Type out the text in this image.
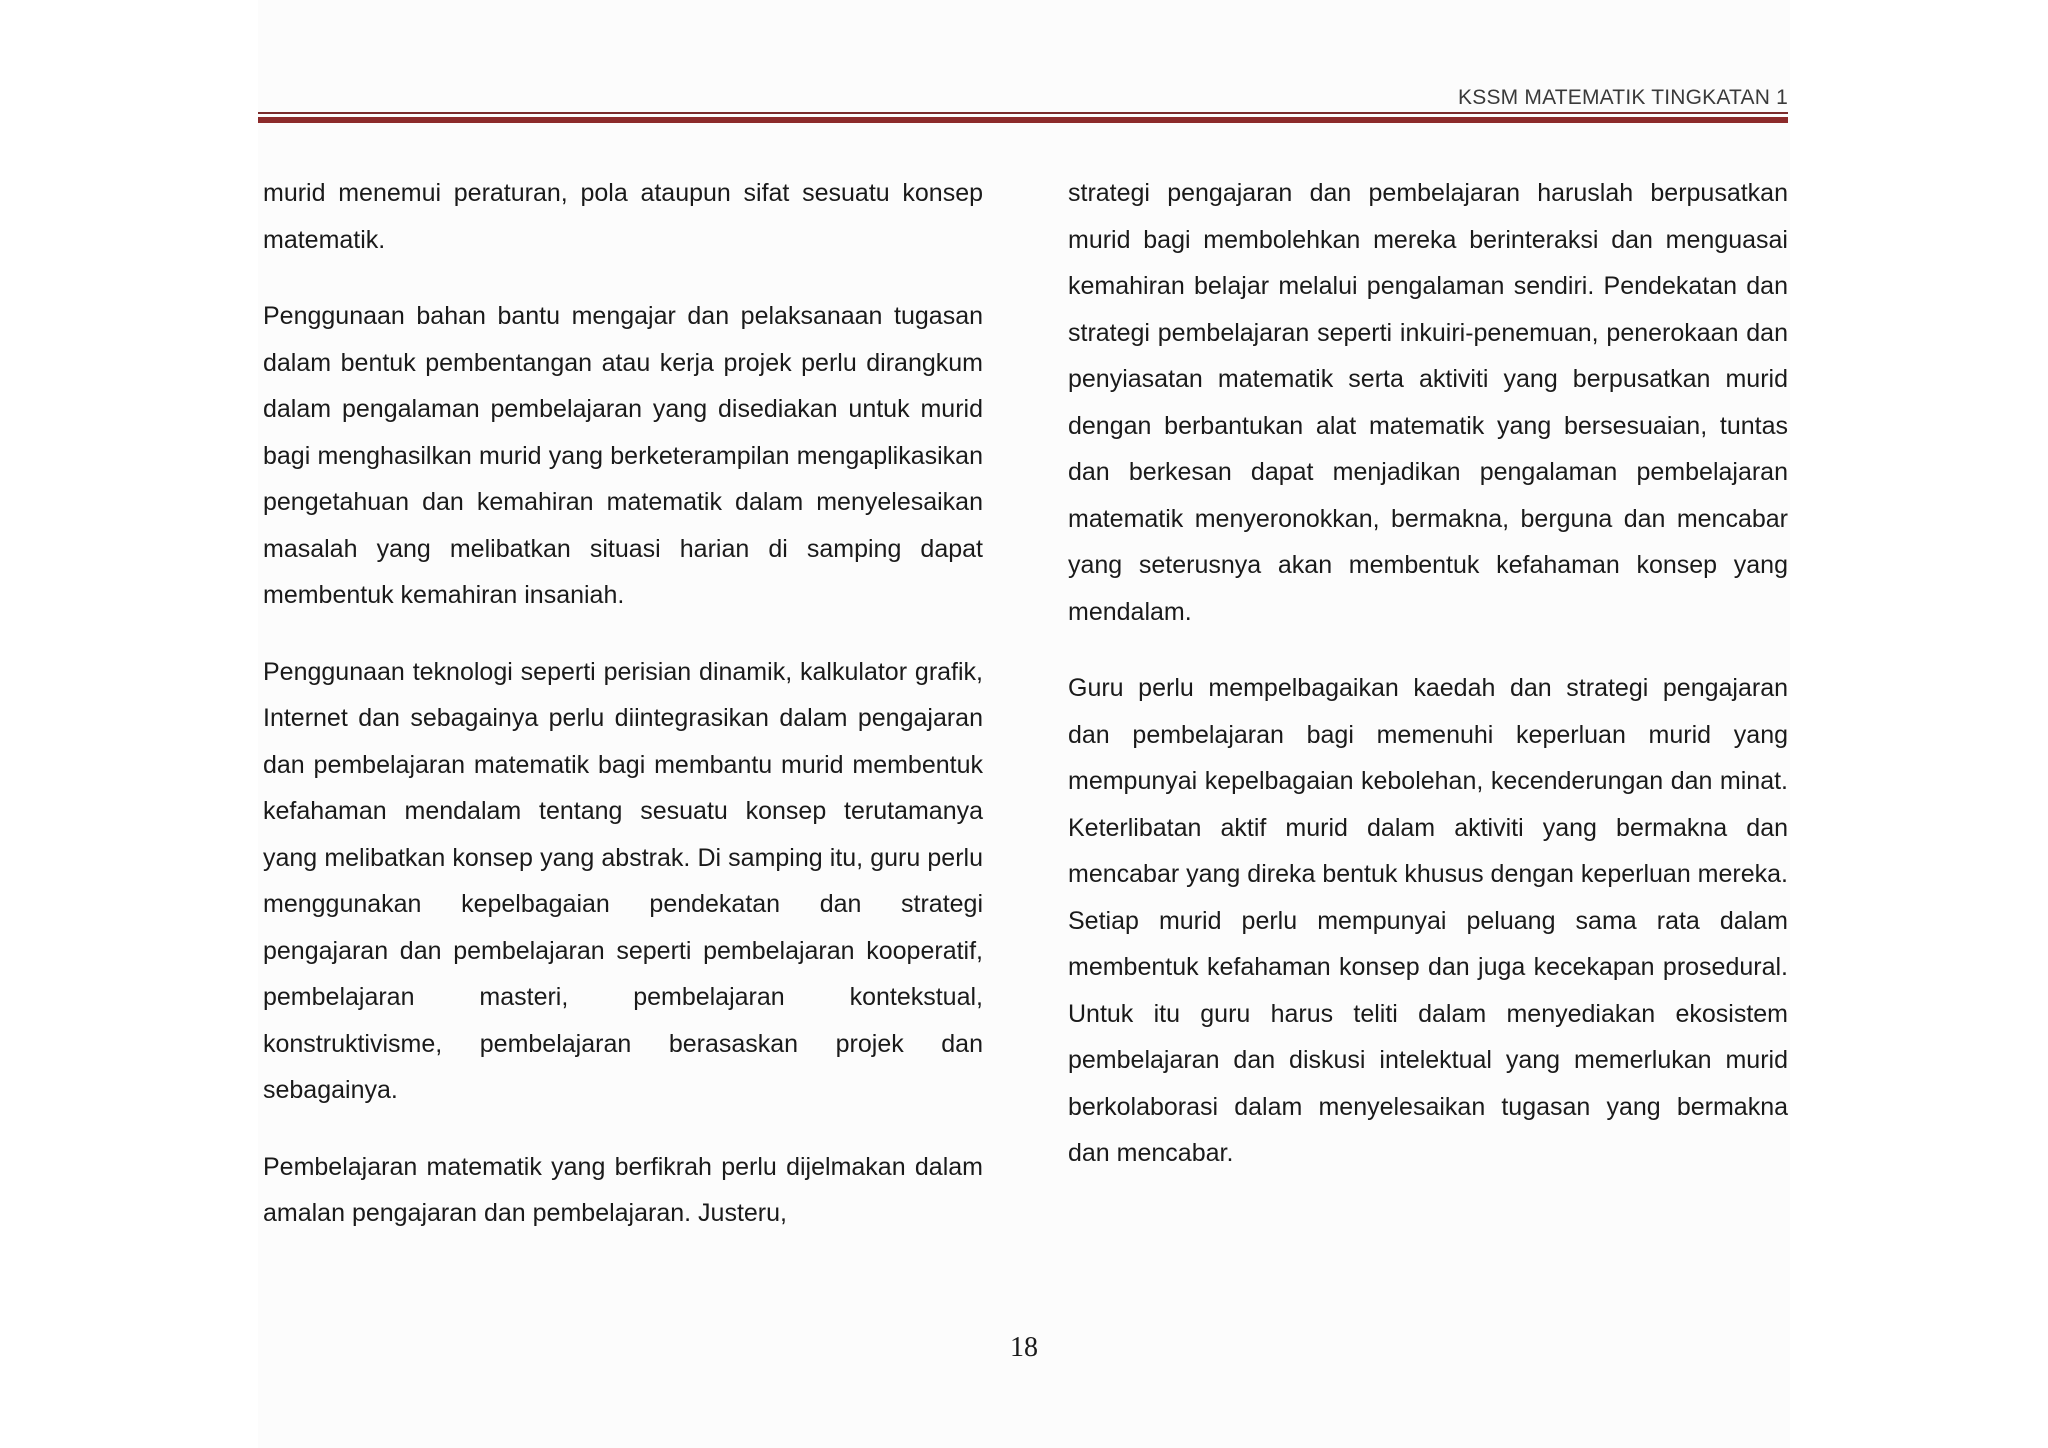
KSSM MATEMATIK TINGKATAN 1

murid menemui peraturan, pola ataupun sifat sesuatu konsep matematik.

Penggunaan bahan bantu mengajar dan pelaksanaan tugasan dalam bentuk pembentangan atau kerja projek perlu dirangkum dalam pengalaman pembelajaran yang disediakan untuk murid bagi menghasilkan murid yang berketerampilan mengaplikasikan pengetahuan dan kemahiran matematik dalam menyelesaikan masalah yang melibatkan situasi harian di samping dapat membentuk kemahiran insaniah.

Penggunaan teknologi seperti perisian dinamik, kalkulator grafik, Internet dan sebagainya perlu diintegrasikan dalam pengajaran dan pembelajaran matematik bagi membantu murid membentuk kefahaman mendalam tentang sesuatu konsep terutamanya yang melibatkan konsep yang abstrak. Di samping itu, guru perlu menggunakan kepelbagaian pendekatan dan strategi pengajaran dan pembelajaran seperti pembelajaran kooperatif, pembelajaran masteri, pembelajaran kontekstual, konstruktivisme, pembelajaran berasaskan projek dan sebagainya.

Pembelajaran matematik yang berfikrah perlu dijelmakan dalam amalan pengajaran dan pembelajaran. Justeru,

strategi pengajaran dan pembelajaran haruslah berpusatkan murid bagi membolehkan mereka berinteraksi dan menguasai kemahiran belajar melalui pengalaman sendiri. Pendekatan dan strategi pembelajaran seperti inkuiri-penemuan, penerokaan dan penyiasatan matematik serta aktiviti yang berpusatkan murid dengan berbantukan alat matematik yang bersesuaian, tuntas dan berkesan dapat menjadikan pengalaman pembelajaran matematik menyeronokkan, bermakna, berguna dan mencabar yang seterusnya akan membentuk kefahaman konsep yang mendalam.

Guru perlu mempelbagaikan kaedah dan strategi pengajaran dan pembelajaran bagi memenuhi keperluan murid yang mempunyai kepelbagaian kebolehan, kecenderungan dan minat. Keterlibatan aktif murid dalam aktiviti yang bermakna dan mencabar yang direka bentuk khusus dengan keperluan mereka. Setiap murid perlu mempunyai peluang sama rata dalam membentuk kefahaman konsep dan juga kecekapan prosedural. Untuk itu guru harus teliti dalam menyediakan ekosistem pembelajaran dan diskusi intelektual yang memerlukan murid berkolaborasi dalam menyelesaikan tugasan yang bermakna dan mencabar.

18
